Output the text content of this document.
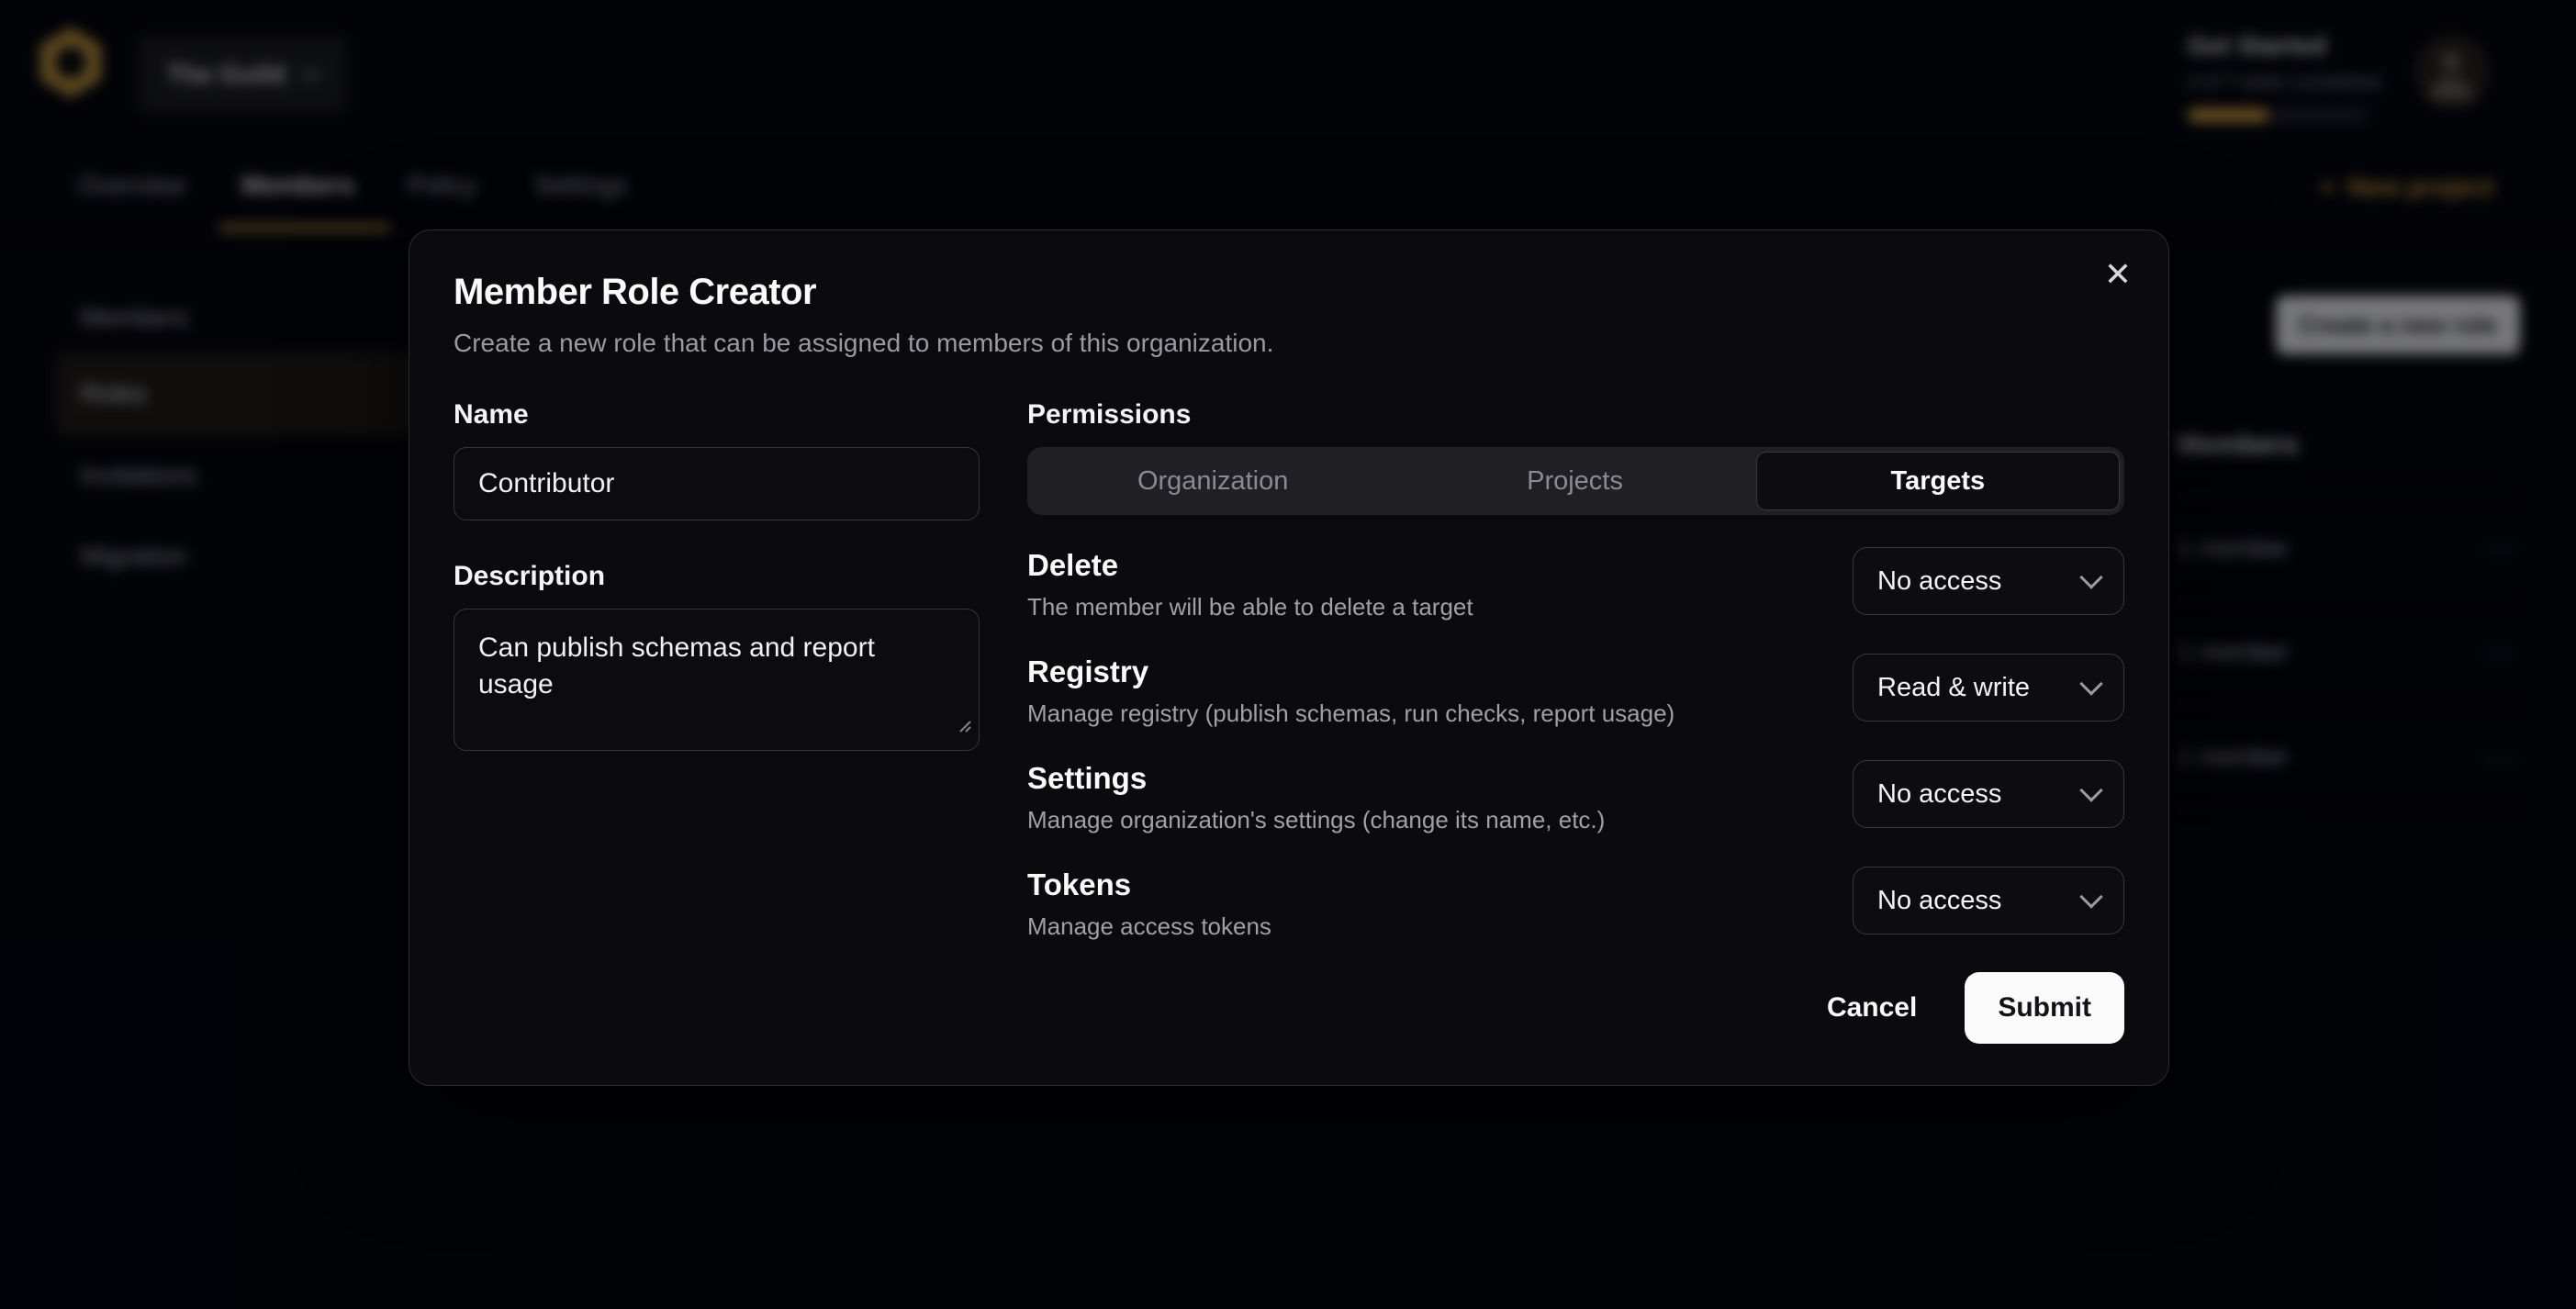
✕
Member Role Creator
Create a new role that can be assigned to members of this organization.
Name
Contributor
Description
Can publish schemas and report usage
Permissions
Organization	Projects	Targets
Delete
The member will be able to delete a target
No access
Registry
Manage registry (publish schemas, run checks, report usage)
Read & write
Settings
Manage organization's settings (change its name, etc.)
No access
Tokens
Manage access tokens
No access
Cancel	Submit
